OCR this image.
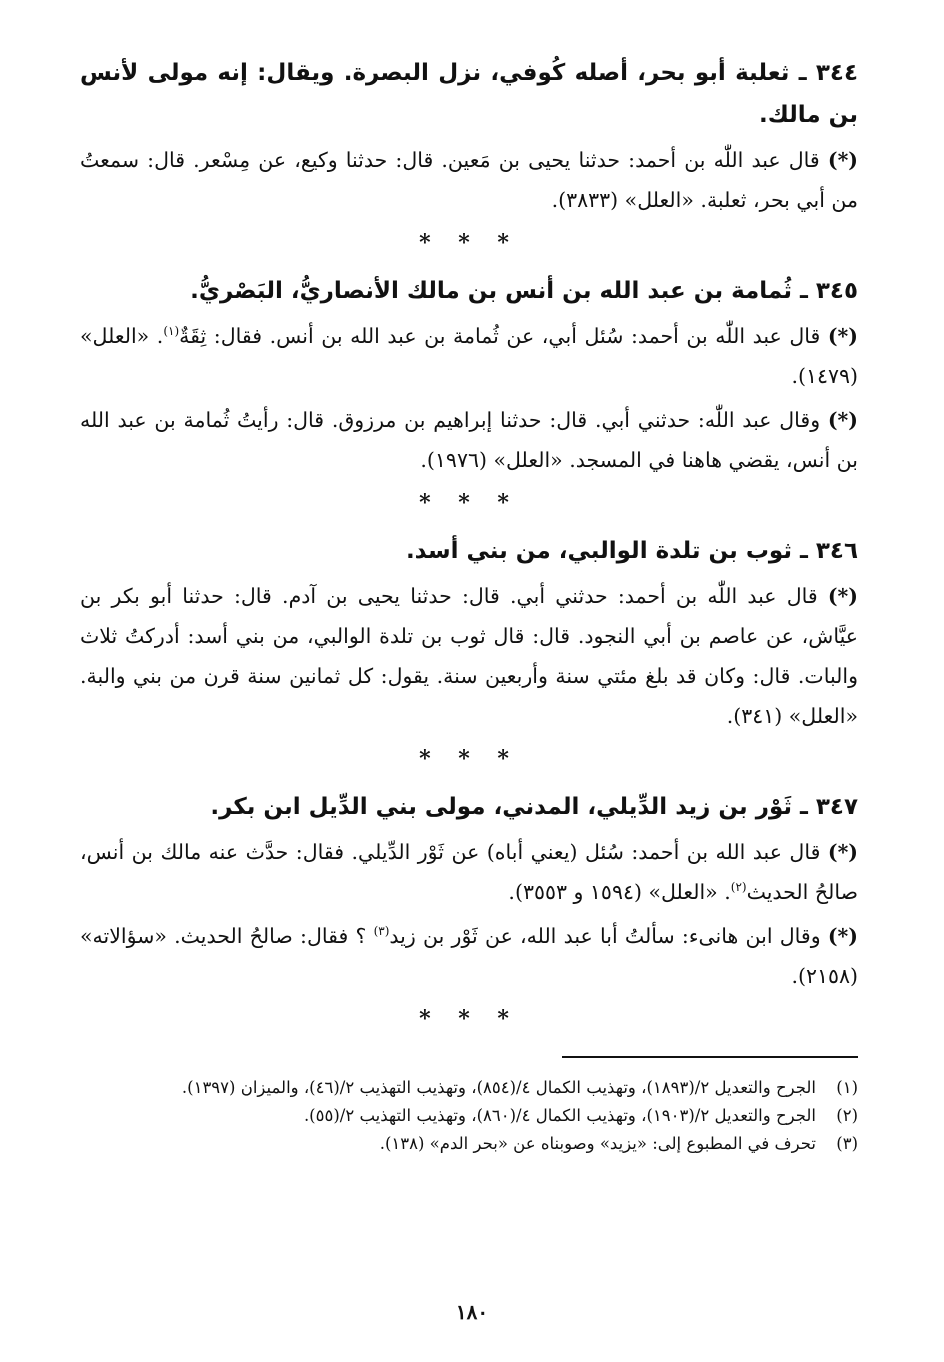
٣٤٤ ـ ثعلبة أبو بحر، أصله كُوفي، نزل البصرة. ويقال: إنه مولى لأنس بن مالك.

(*) قال عبد اللّٰه بن أحمد: حدثنا يحيى بن مَعين. قال: حدثنا وكيع، عن مِسْعر. قال: سمعتُ من أبي بحر، ثعلبة. «العلل» (٣٨٣٣).

* * *
٣٤٥ ـ ثُمامة بن عبد الله بن أنس بن مالك الأنصاريُّ، البَصْريُّ.

(*) قال عبد اللّٰه بن أحمد: سُئل أبي، عن ثُمامة بن عبد الله بن أنس. فقال: ثِقَةٌ$^{(١)}$. «العلل» (١٤٧٩).

(*) وقال عبد اللّٰه: حدثني أبي. قال: حدثنا إبراهيم بن مرزوق. قال: رأيتُ ثُمامة بن عبد الله بن أنس، يقضي هاهنا في المسجد. «العلل» (١٩٧٦).

* * *
٣٤٦ ـ ثوب بن تلدة الوالبي، من بني أسد.

(*) قال عبد اللّٰه بن أحمد: حدثني أبي. قال: حدثنا يحيى بن آدم. قال: حدثنا أبو بكر بن عيَّاش، عن عاصم بن أبي النجود. قال: قال ثوب بن تلدة الوالبي، من بني أسد: أدركتُ ثلاث والبات. قال: وكان قد بلغ مئتي سنة وأربعين سنة. يقول: كل ثمانين سنة قرن من بني والبة. «العلل» (٣٤١).

* * *
٣٤٧ ـ ثَوْر بن زيد الدِّيلي، المدني، مولى بني الدِّيل ابن بكر.

(*) قال عبد الله بن أحمد: سُئل (يعني أباه) عن ثَوْر الدِّيلي. فقال: حدَّث عنه مالك بن أنس، صالحُ الحديث$^{(٢)}$. «العلل» (١٥٩٤ و ٣٥٥٣).

(*) وقال ابن هانىء: سألتُ أبا عبد الله، عن ثَوْر بن زيد$^{(٣)}$ ؟ فقال: صالحُ الحديث. «سؤالاته» (٢١٥٨).

* * *

(١)الجرح والتعديل ٢/(١٨٩٣)، وتهذيب الكمال ٤/(٨٥٤)، وتهذيب التهذيب ٢/(٤٦)، والميزان (١٣٩٧).

(٢)الجرح والتعديل ٢/(١٩٠٣)، وتهذيب الكمال ٤/(٨٦٠)، وتهذيب التهذيب ٢/(٥٥).

(٣)تحرف في المطبوع إلى: «يزيد» وصوبناه عن «بحر الدم» (١٣٨).

١٨٠
